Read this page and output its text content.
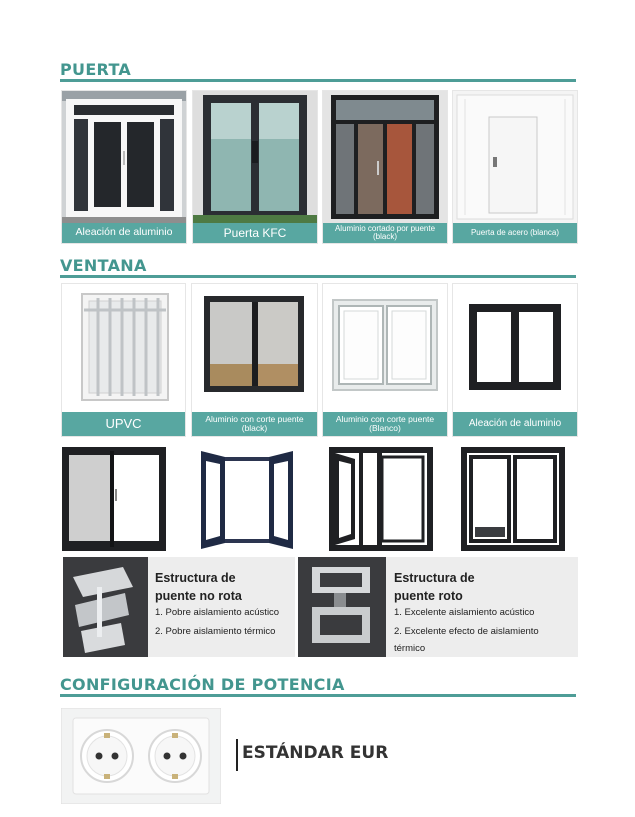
PUERTA
Aleación de aluminio	Puerta KFC	Aluminio cortado por puente (black)	Puerta de acero (blanca)
VENTANA
UPVC	Aluminio con corte puente (black)
Aluminio con corte puente (Blanco)	Aleación de aluminio
Estructura de
puente no rota
1. Pobre aislamiento acústico
2. Pobre aislamiento térmico
Estructura de
puente roto
1. Excelente aislamiento acústico
2. Excelente efecto de aislamiento
térmico
CONFIGURACIÓN DE POTENCIA
ESTÁNDAR EUR
